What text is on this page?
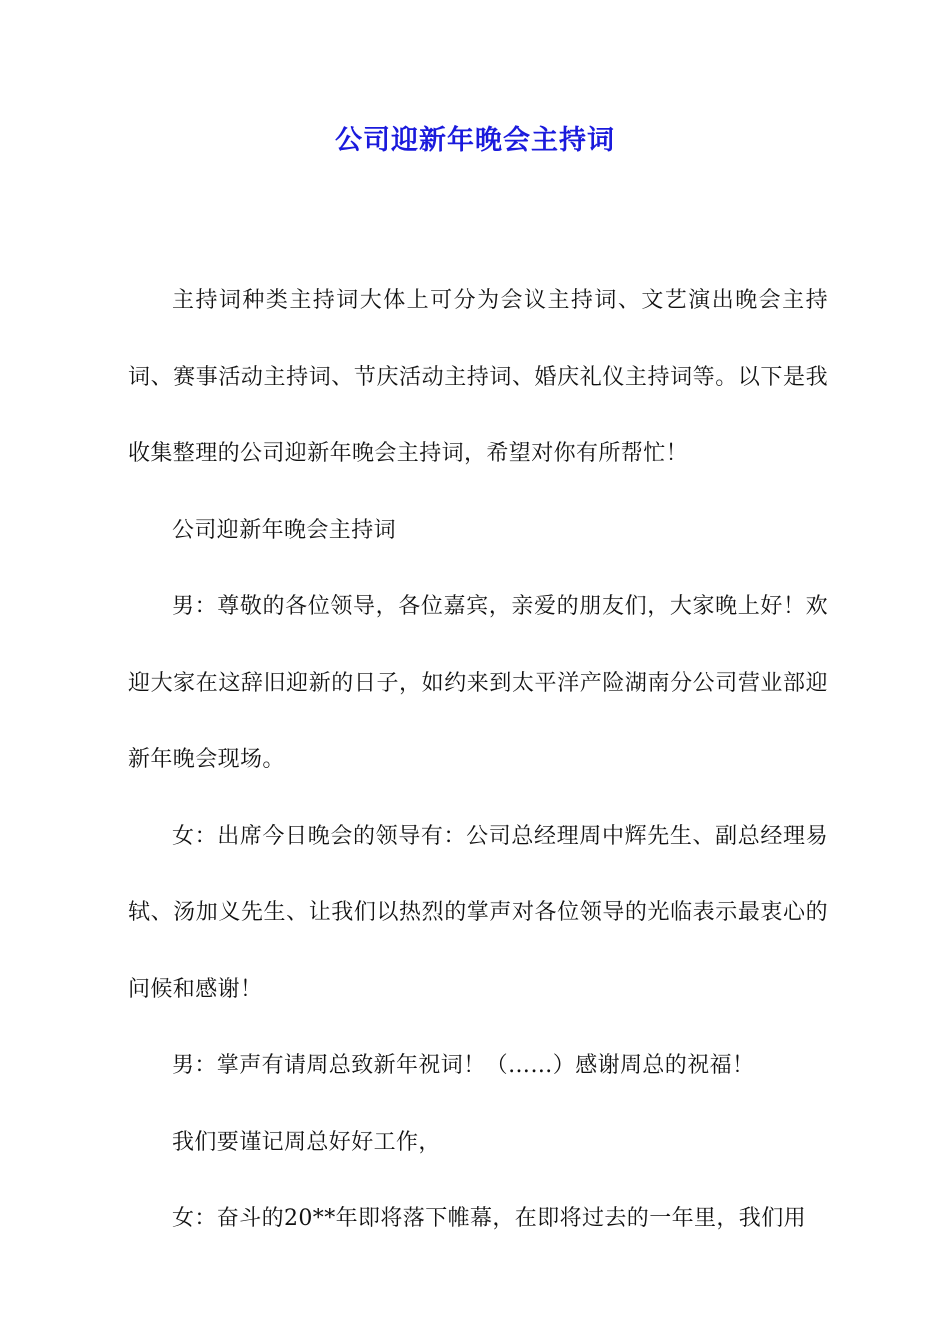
公司迎新年晚会主持词

主持词种类主持词大体上可分为会议主持词、文艺演出晚会主持词、赛事活动主持词、节庆活动主持词、婚庆礼仪主持词等。以下是我收集整理的公司迎新年晚会主持词，希望对你有所帮忙！

公司迎新年晚会主持词

男：尊敬的各位领导，各位嘉宾，亲爱的朋友们，大家晚上好！欢迎大家在这辞旧迎新的日子，如约来到太平洋产险湖南分公司营业部迎新年晚会现场。

女：出席今日晚会的领导有：公司总经理周中辉先生、副总经理易轼、汤加义先生、让我们以热烈的掌声对各位领导的光临表示最衷心的问候和感谢！

男：掌声有请周总致新年祝词！（……）感谢周总的祝福！

我们要谨记周总好好工作，

女：奋斗的20**年即将落下帷幕，在即将过去的一年里，我们用
